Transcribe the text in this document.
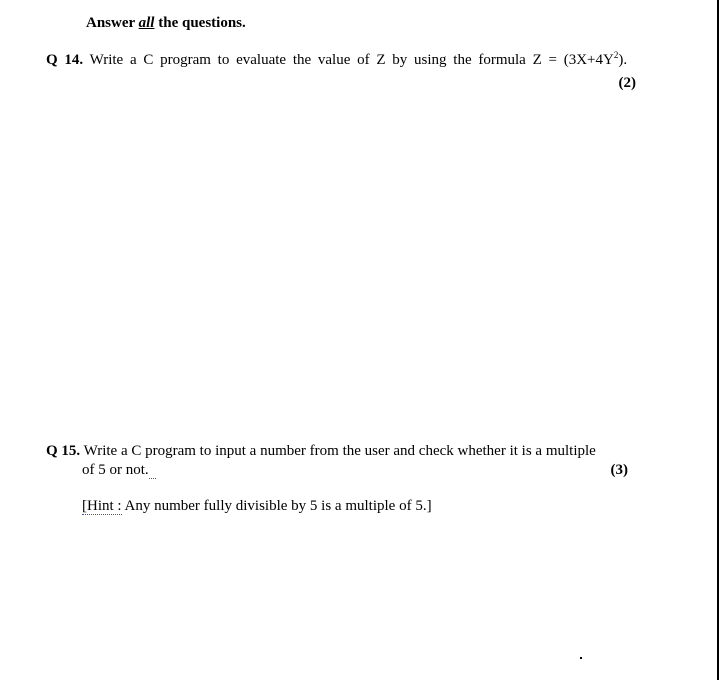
Answer all the questions.
Q 14. Write a C program to evaluate the value of Z by using the formula $Z = (3X+4Y^2)$.
(2)
Q 15. Write a C program to input a number from the user and check whether it is a multiple
of 5 or not.	(3)
[Hint : Any number fully divisible by 5 is a multiple of 5.]
